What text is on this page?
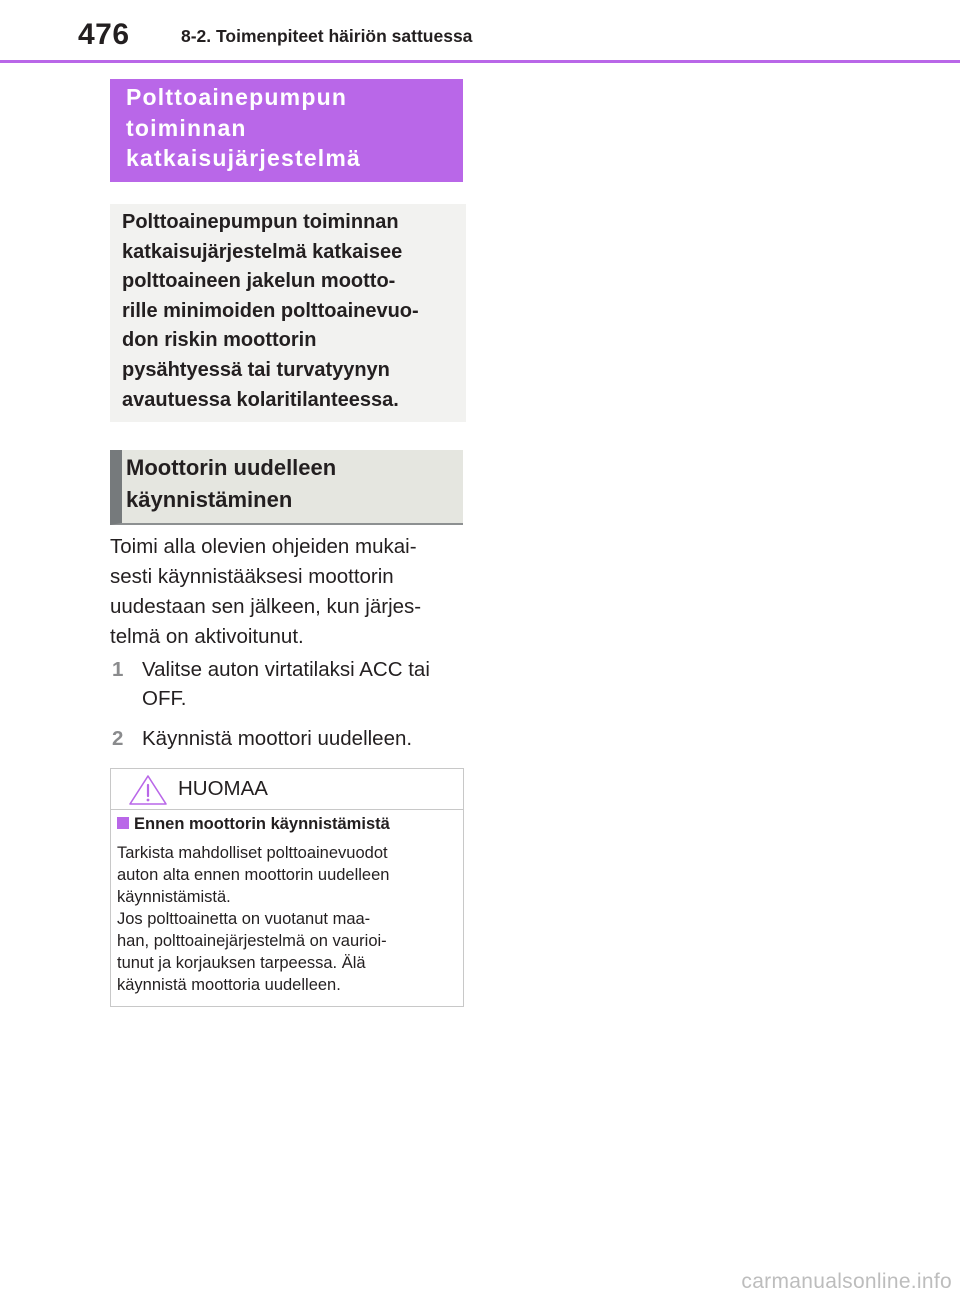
476	8-2. Toimenpiteet häiriön sattuessa
Polttoainepumpun
toiminnan
katkaisujärjestelmä
Polttoainepumpun toiminnan
katkaisujärjestelmä katkaisee
polttoaineen jakelun mootto-
rille minimoiden polttoainevuo-
don riskin moottorin
pysähtyessä tai turvatyynyn
avautuessa kolaritilanteessa.
Moottorin uudelleen
käynnistäminen
Toimi alla olevien ohjeiden mukai-
sesti käynnistääksesi moottorin
uudestaan sen jälkeen, kun järjes-
telmä on aktivoitunut.
1 Valitse auton virtatilaksi ACC tai
OFF.
2 Käynnistä moottori uudelleen.
HUOMAA
Ennen moottorin käynnistämistä
Tarkista mahdolliset polttoainevuodot
auton alta ennen moottorin uudelleen
käynnistämistä.
Jos polttoainetta on vuotanut maa-
han, polttoainejärjestelmä on vaurioi-
tunut ja korjauksen tarpeessa. Älä
käynnistä moottoria uudelleen.
carmanualsonline.info
